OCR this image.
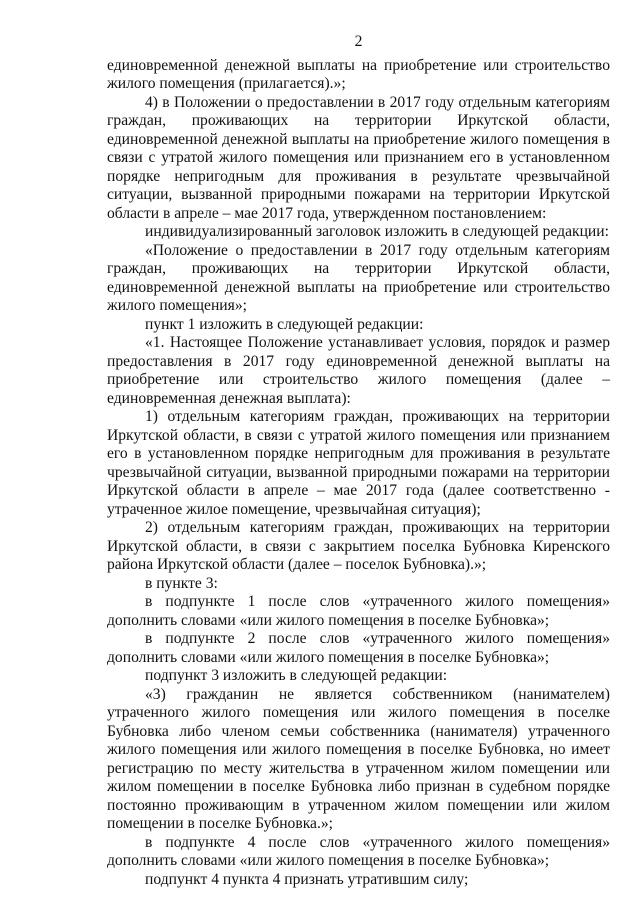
2

единовременной денежной выплаты на приобретение или строительство жилого помещения (прилагается).»;

4) в Положении о предоставлении в 2017 году отдельным категориям граждан, проживающих на территории Иркутской области, единовременной денежной выплаты на приобретение жилого помещения в связи с утратой жилого помещения или признанием его в установленном порядке непригодным для проживания в результате чрезвычайной ситуации, вызванной природными пожарами на территории Иркутской области в апреле – мае 2017 года, утвержденном постановлением:

индивидуализированный заголовок изложить в следующей редакции:

«Положение о предоставлении в 2017 году отдельным категориям граждан, проживающих на территории Иркутской области, единовременной денежной выплаты на приобретение или строительство жилого помещения»;

пункт 1 изложить в следующей редакции:

«1. Настоящее Положение устанавливает условия, порядок и размер предоставления в 2017 году единовременной денежной выплаты на приобретение или строительство жилого помещения (далее – единовременная денежная выплата):

1) отдельным категориям граждан, проживающих на территории Иркутской области, в связи с утратой жилого помещения или признанием его в установленном порядке непригодным для проживания в результате чрезвычайной ситуации, вызванной природными пожарами на территории Иркутской области в апреле – мае 2017 года (далее соответственно - утраченное жилое помещение, чрезвычайная ситуация);

2) отдельным категориям граждан, проживающих на территории Иркутской области, в связи с закрытием поселка Бубновка Киренского района Иркутской области (далее – поселок Бубновка).»;

в пункте 3:

в подпункте 1 после слов «утраченного жилого помещения» дополнить словами «или жилого помещения в поселке Бубновка»;

в подпункте 2 после слов «утраченного жилого помещения» дополнить словами «или жилого помещения в поселке Бубновка»;

подпункт 3 изложить в следующей редакции:

«3) гражданин не является собственником (нанимателем) утраченного жилого помещения или жилого помещения в поселке Бубновка либо членом семьи собственника (нанимателя) утраченного жилого помещения или жилого помещения в поселке Бубновка, но имеет регистрацию по месту жительства в утраченном жилом помещении или жилом помещении в поселке Бубновка либо признан в судебном порядке постоянно проживающим в утраченном жилом помещении или жилом помещении в поселке Бубновка.»;

в подпункте 4 после слов «утраченного жилого помещения» дополнить словами «или жилого помещения в поселке Бубновка»;

подпункт 4 пункта 4 признать утратившим силу;
